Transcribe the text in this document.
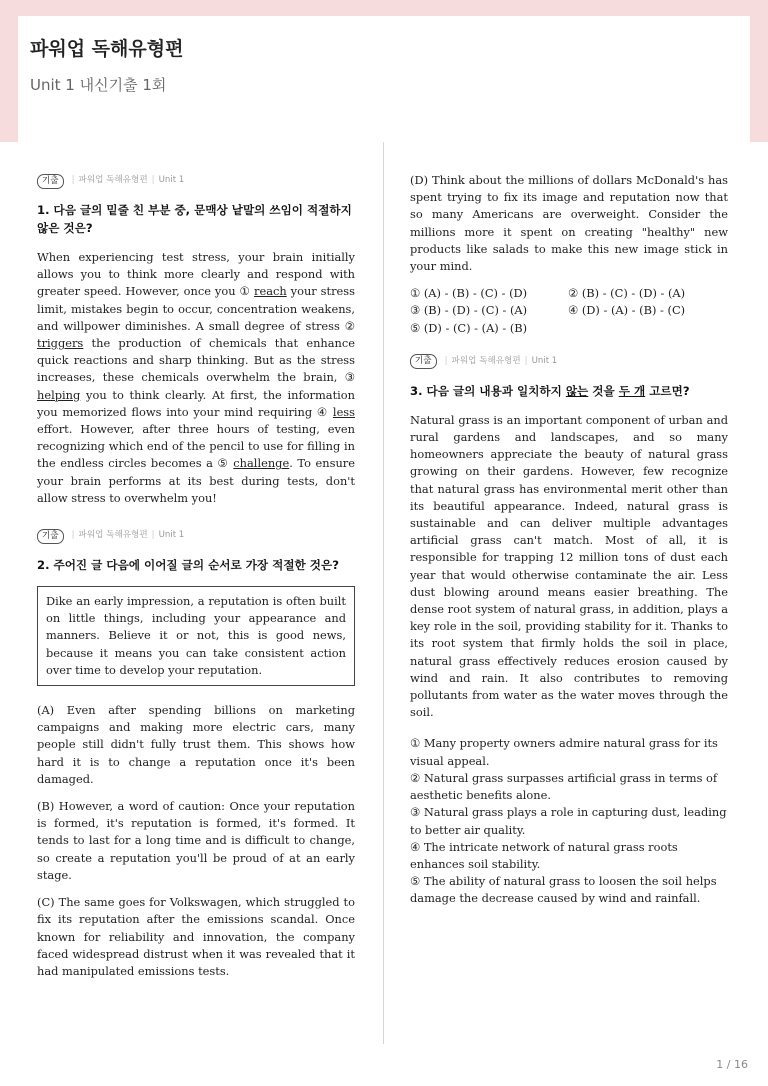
파워업 독해유형편
Unit 1 내신기출 1회
기출	| 파워업 독해유형편 | Unit 1
1. 다음 글의 밑줄 친 부분 중, 문맥상 낱말의 쓰임이 적절하지 않은 것은?

When experiencing test stress, your brain initially allows you to think more clearly and respond with greater speed. However, once you ① reach your stress limit, mistakes begin to occur, concentration weakens, and willpower diminishes. A small degree of stress ② triggers the production of chemicals that enhance quick reactions and sharp thinking. But as the stress increases, these chemicals overwhelm the brain, ③ helping you to think clearly. At first, the information you memorized flows into your mind requiring ④ less effort. However, after three hours of testing, even recognizing which end of the pencil to use for filling in the endless circles becomes a ⑤ challenge. To ensure your brain performs at its best during tests, don't allow stress to overwhelm you!

기출	| 파워업 독해유형편 | Unit 1
2. 주어진 글 다음에 이어질 글의 순서로 가장 적절한 것은?
Dike an early impression, a reputation is often built on little things, including your appearance and manners. Believe it or not, this is good news, because it means you can take consistent action over time to develop your reputation.

(A) Even after spending billions on marketing campaigns and making more electric cars, many people still didn't fully trust them. This shows how hard it is to change a reputation once it's been damaged.

(B) However, a word of caution: Once your reputation is formed, it's reputation is formed, it's formed. It tends to last for a long time and is difficult to change, so create a reputation you'll be proud of at an early stage.

(C) The same goes for Volkswagen, which struggled to fix its reputation after the emissions scandal. Once known for reliability and innovation, the company faced widespread distrust when it was revealed that it had manipulated emissions tests.

(D) Think about the millions of dollars McDonald's has spent trying to fix its image and reputation now that so many Americans are overweight. Consider the millions more it spent on creating "healthy" new products like salads to make this new image stick in your mind.

① (A) - (B) - (C) - (D)	② (B) - (C) - (D) - (A)
③ (B) - (D) - (C) - (A)	④ (D) - (A) - (B) - (C)
⑤ (D) - (C) - (A) - (B)
기출	| 파워업 독해유형편 | Unit 1
3. 다음 글의 내용과 일치하지 않는 것을 두 개 고르면?

Natural grass is an important component of urban and rural gardens and landscapes, and so many homeowners appreciate the beauty of natural grass growing on their gardens. However, few recognize that natural grass has environmental merit other than its beautiful appearance. Indeed, natural grass is sustainable and can deliver multiple advantages artificial grass can't match. Most of all, it is responsible for trapping 12 million tons of dust each year that would otherwise contaminate the air. Less dust blowing around means easier breathing. The dense root system of natural grass, in addition, plays a key role in the soil, providing stability for it. Thanks to its root system that firmly holds the soil in place, natural grass effectively reduces erosion caused by wind and rain. It also contributes to removing pollutants from water as the water moves through the soil.

① Many property owners admire natural grass for its visual appeal.
② Natural grass surpasses artificial grass in terms of aesthetic benefits alone.
③ Natural grass plays a role in capturing dust, leading to better air quality.
④ The intricate network of natural grass roots enhances soil stability.
⑤ The ability of natural grass to loosen the soil helps damage the decrease caused by wind and rainfall.
1 / 16
